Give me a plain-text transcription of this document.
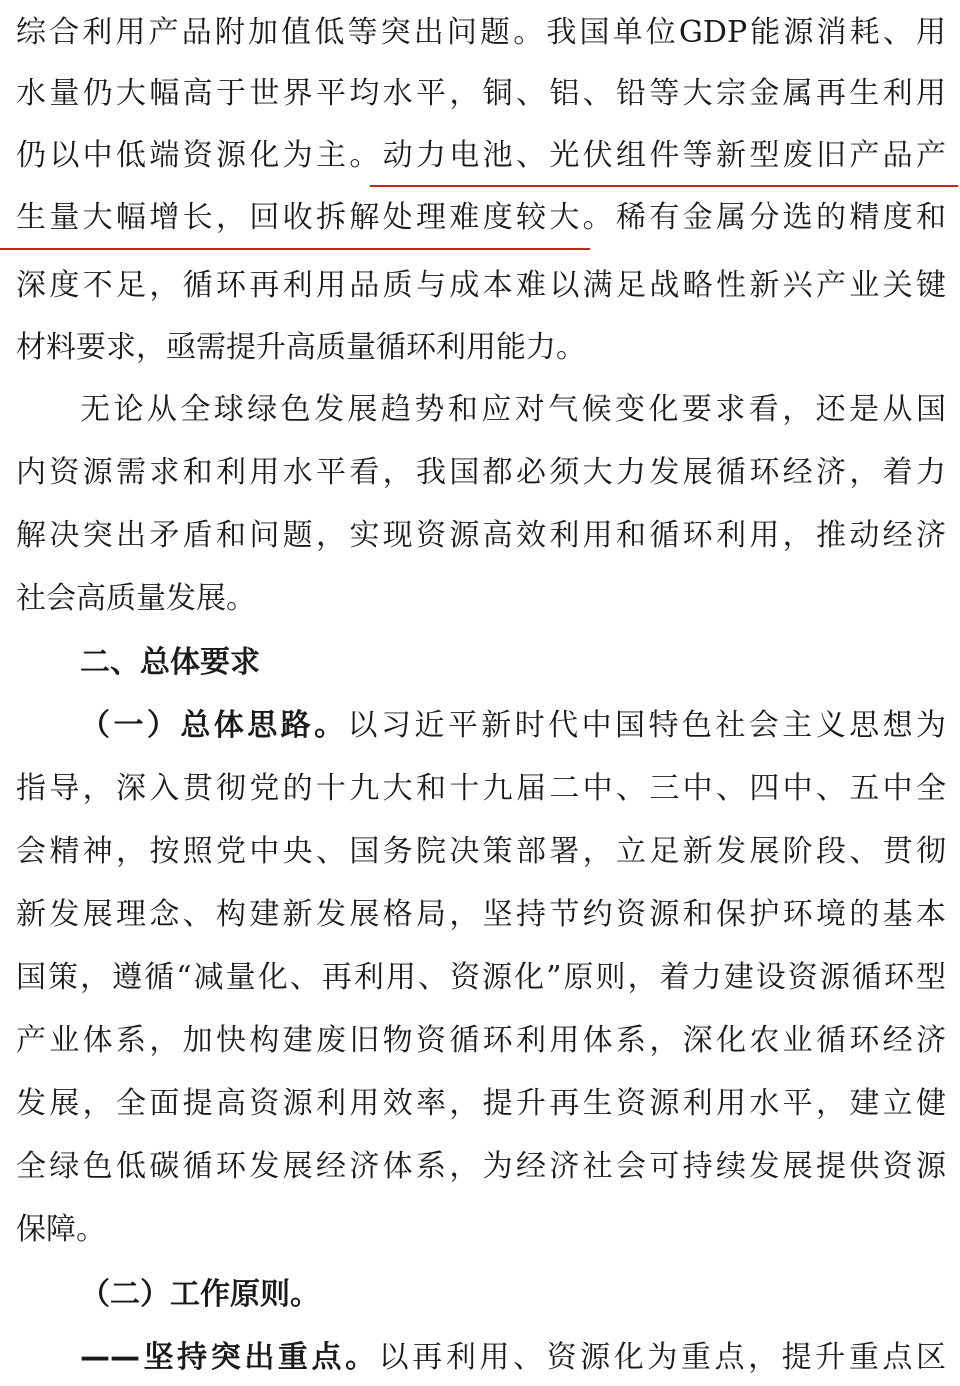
综合利用产品附加值低等突出问题。我国单位GDP能源消耗、用
水量仍大幅高于世界平均水平，铜、铝、铅等大宗金属再生利用
仍以中低端资源化为主。动力电池、光伏组件等新型废旧产品产
生量大幅增长，回收拆解处理难度较大。稀有金属分选的精度和
深度不足，循环再利用品质与成本难以满足战略性新兴产业关键
材料要求，亟需提升高质量循环利用能力。
无论从全球绿色发展趋势和应对气候变化要求看，还是从国
内资源需求和利用水平看，我国都必须大力发展循环经济，着力
解决突出矛盾和问题，实现资源高效利用和循环利用，推动经济
社会高质量发展。
二、总体要求
（一）总体思路。以习近平新时代中国特色社会主义思想为
指导，深入贯彻党的十九大和十九届二中、三中、四中、五中全
会精神，按照党中央、国务院决策部署，立足新发展阶段、贯彻
新发展理念、构建新发展格局，坚持节约资源和保护环境的基本
国策，遵循“减量化、再利用、资源化”原则，着力建设资源循环型
产业体系，加快构建废旧物资循环利用体系，深化农业循环经济
发展，全面提高资源利用效率，提升再生资源利用水平，建立健
全绿色低碳循环发展经济体系，为经济社会可持续发展提供资源
保障。
（二）工作原则。
——坚持突出重点。以再利用、资源化为重点，提升重点区
